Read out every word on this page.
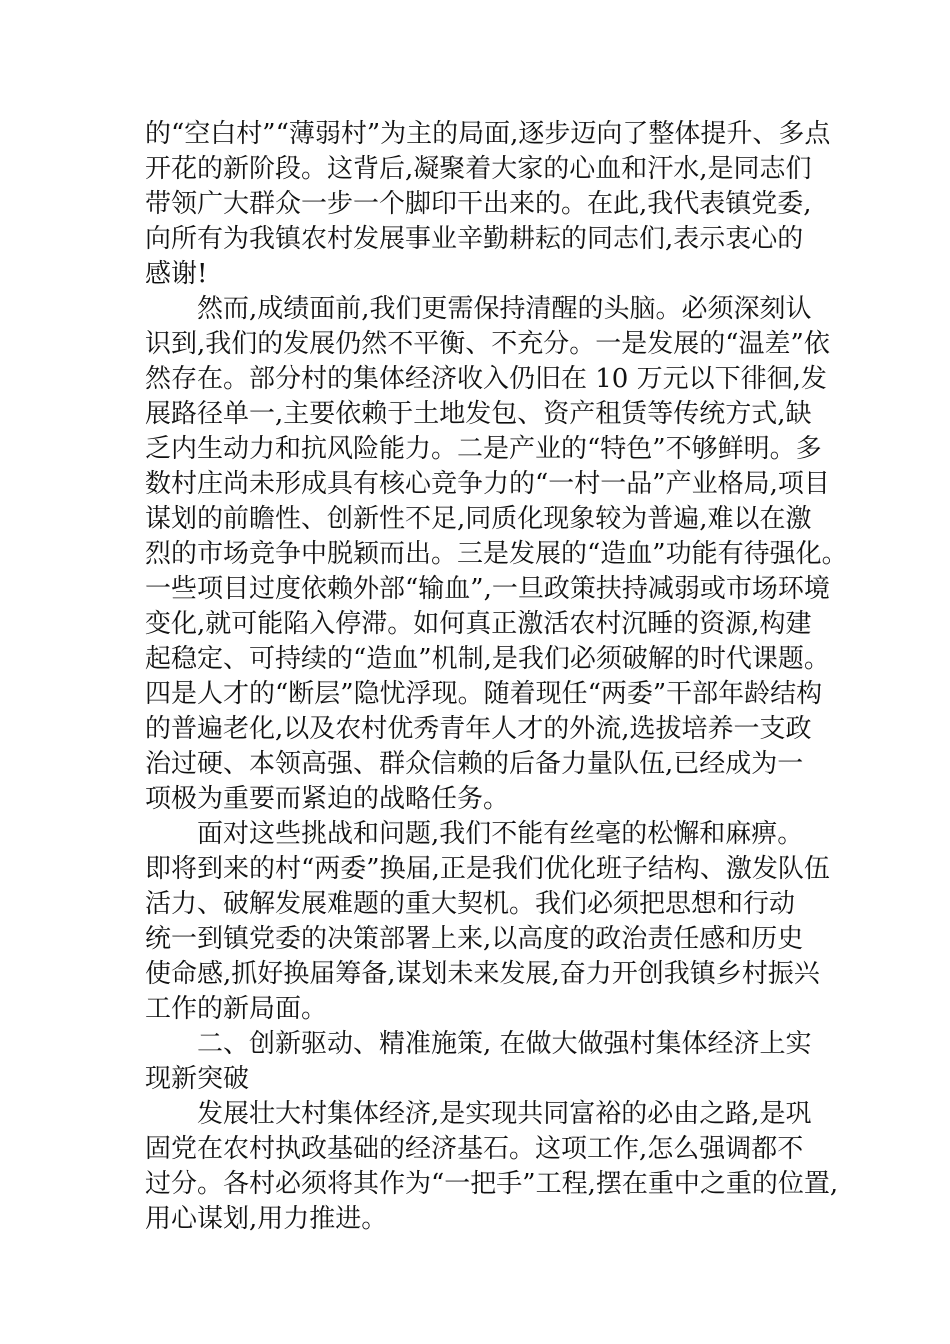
的“空白村”“薄弱村”为主的局面,逐步迈向了整体提升、多点
开花的新阶段。这背后,凝聚着大家的心血和汗水,是同志们
带领广大群众一步一个脚印干出来的。在此,我代表镇党委,
向所有为我镇农村发展事业辛勤耕耘的同志们,表示衷心的
感谢!
然而,成绩面前,我们更需保持清醒的头脑。必须深刻认
识到,我们的发展仍然不平衡、不充分。一是发展的“温差”依
然存在。部分村的集体经济收入仍旧在 10 万元以下徘徊,发
展路径单一,主要依赖于土地发包、资产租赁等传统方式,缺
乏内生动力和抗风险能力。二是产业的“特色”不够鲜明。多
数村庄尚未形成具有核心竞争力的“一村一品”产业格局,项目
谋划的前瞻性、创新性不足,同质化现象较为普遍,难以在激
烈的市场竞争中脱颖而出。三是发展的“造血”功能有待强化。
一些项目过度依赖外部“输血”,一旦政策扶持减弱或市场环境
变化,就可能陷入停滞。如何真正激活农村沉睡的资源,构建
起稳定、可持续的“造血”机制,是我们必须破解的时代课题。
四是人才的“断层”隐忧浮现。随着现任“两委”干部年龄结构
的普遍老化,以及农村优秀青年人才的外流,选拔培养一支政
治过硬、本领高强、群众信赖的后备力量队伍,已经成为一
项极为重要而紧迫的战略任务。
面对这些挑战和问题,我们不能有丝毫的松懈和麻痹。
即将到来的村“两委”换届,正是我们优化班子结构、激发队伍
活力、破解发展难题的重大契机。我们必须把思想和行动
统一到镇党委的决策部署上来,以高度的政治责任感和历史
使命感,抓好换届筹备,谋划未来发展,奋力开创我镇乡村振兴
工作的新局面。
二、创新驱动、精准施策, 在做大做强村集体经济上实
现新突破
发展壮大村集体经济,是实现共同富裕的必由之路,是巩
固党在农村执政基础的经济基石。这项工作,怎么强调都不
过分。各村必须将其作为“一把手”工程,摆在重中之重的位置,
用心谋划,用力推进。
